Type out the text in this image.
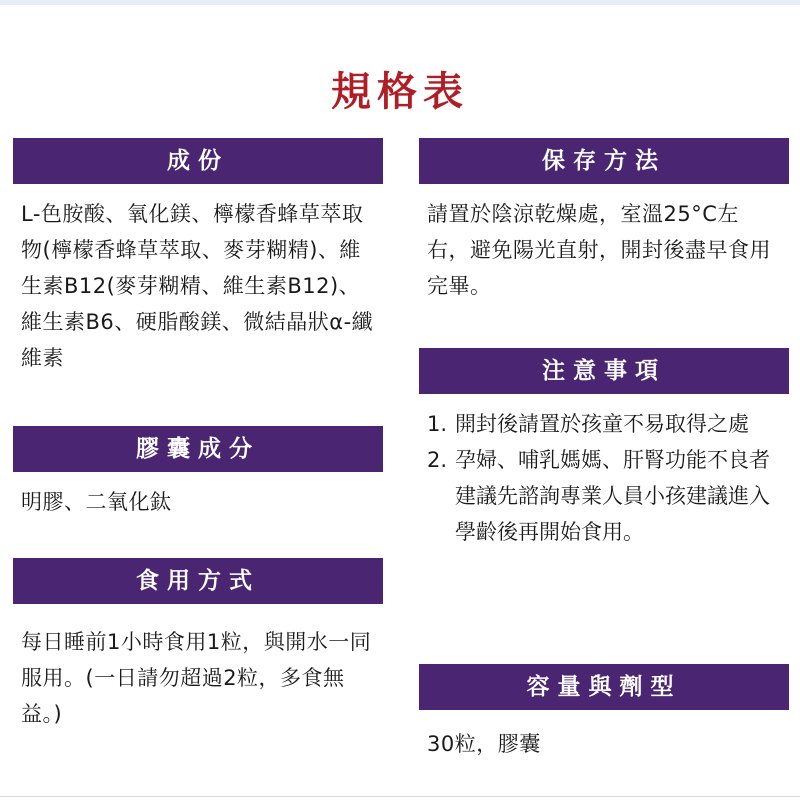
規格表
成份
L-色胺酸、氧化鎂、檸檬香蜂草萃取物(檸檬香蜂草萃取、麥芽糊精)、維生素B12(麥芽糊精、維生素B12)、維生素B6、硬脂酸鎂、微結晶狀α-纖維素
膠囊成分
明膠、二氧化鈦
食用方式
每日睡前1小時食用1粒，與開水一同服用。(一日請勿超過2粒，多食無益。)
保存方法
請置於陰涼乾燥處，室溫25°C左右，避免陽光直射，開封後盡早食用完畢。
注意事項
1. 開封後請置於孩童不易取得之處
2. 孕婦、哺乳媽媽、肝腎功能不良者建議先諮詢專業人員小孩建議進入學齡後再開始食用。
容量與劑型
30粒，膠囊
